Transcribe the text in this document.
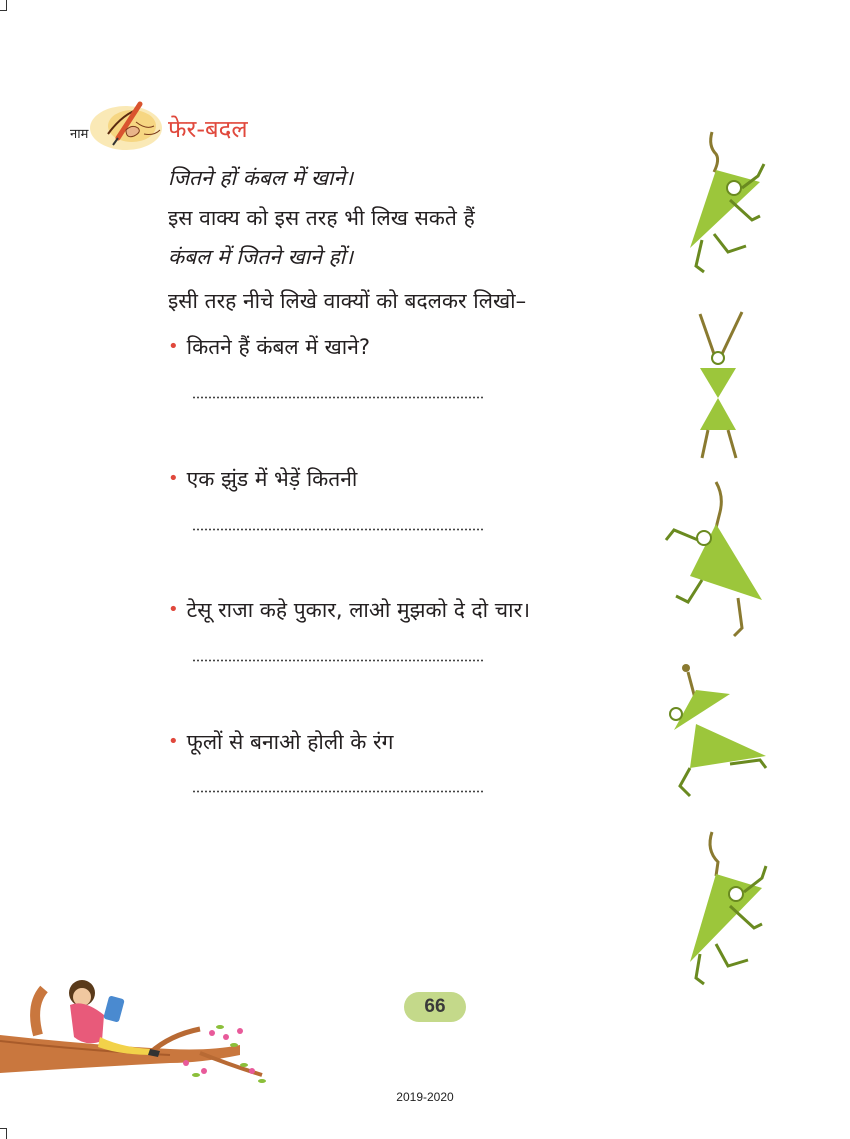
नाम	फेर-बदल
जितने हों कंबल में खाने।
इस वाक्य को इस तरह भी लिख सकते हैं
कंबल में जितने खाने हों।
इसी तरह नीचे लिखे वाक्यों को बदलकर लिखो–
• कितने हैं कंबल में खाने?
• एक झुंड में भेड़ें कितनी
• टेसू राजा कहे पुकार, लाओ मुझको दे दो चार।
• फूलों से बनाओ होली के रंग
66
2019-2020
